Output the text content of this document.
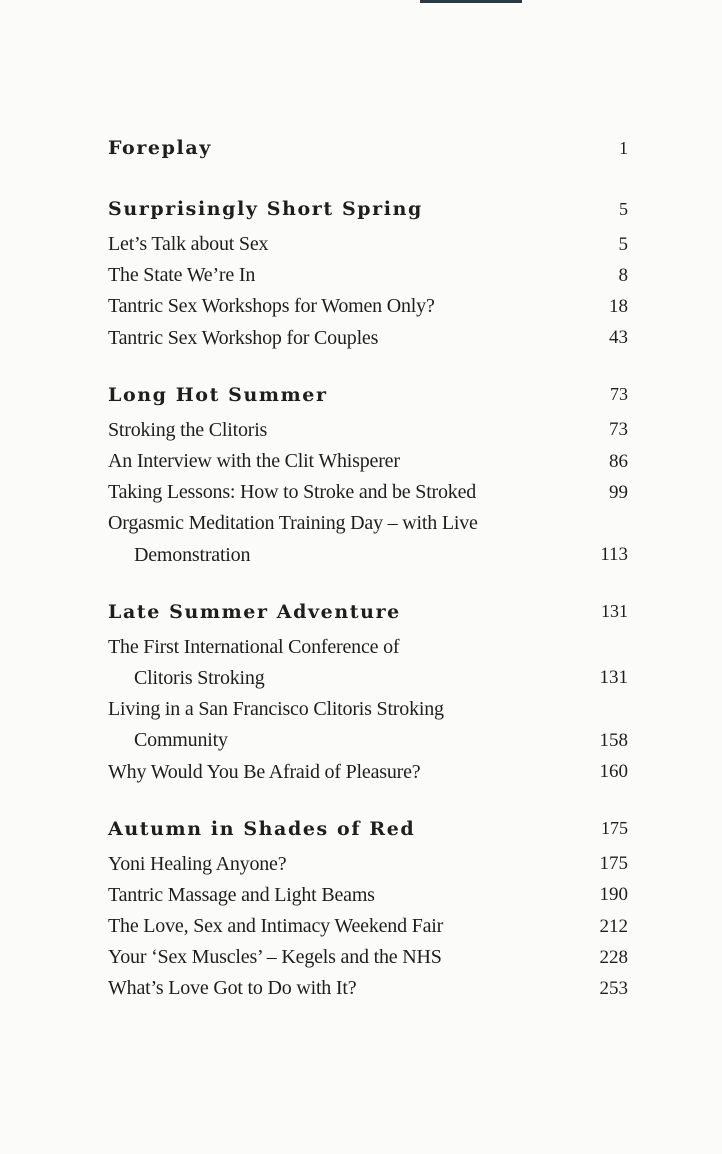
Foreplay	1
Surprisingly Short Spring	5
Let’s Talk about Sex	5
The State We’re In	8
Tantric Sex Workshops for Women Only?	18
Tantric Sex Workshop for Couples	43
Long Hot Summer	73
Stroking the Clitoris	73
An Interview with the Clit Whisperer	86
Taking Lessons: How to Stroke and be Stroked	99
Orgasmic Meditation Training Day – with Live
Demonstration	113
Late Summer Adventure	131
The First International Conference of
Clitoris Stroking	131
Living in a San Francisco Clitoris Stroking
Community	158
Why Would You Be Afraid of Pleasure?	160
Autumn in Shades of Red	175
Yoni Healing Anyone?	175
Tantric Massage and Light Beams	190
The Love, Sex and Intimacy Weekend Fair	212
Your ‘Sex Muscles’ – Kegels and the NHS	228
What’s Love Got to Do with It?	253
